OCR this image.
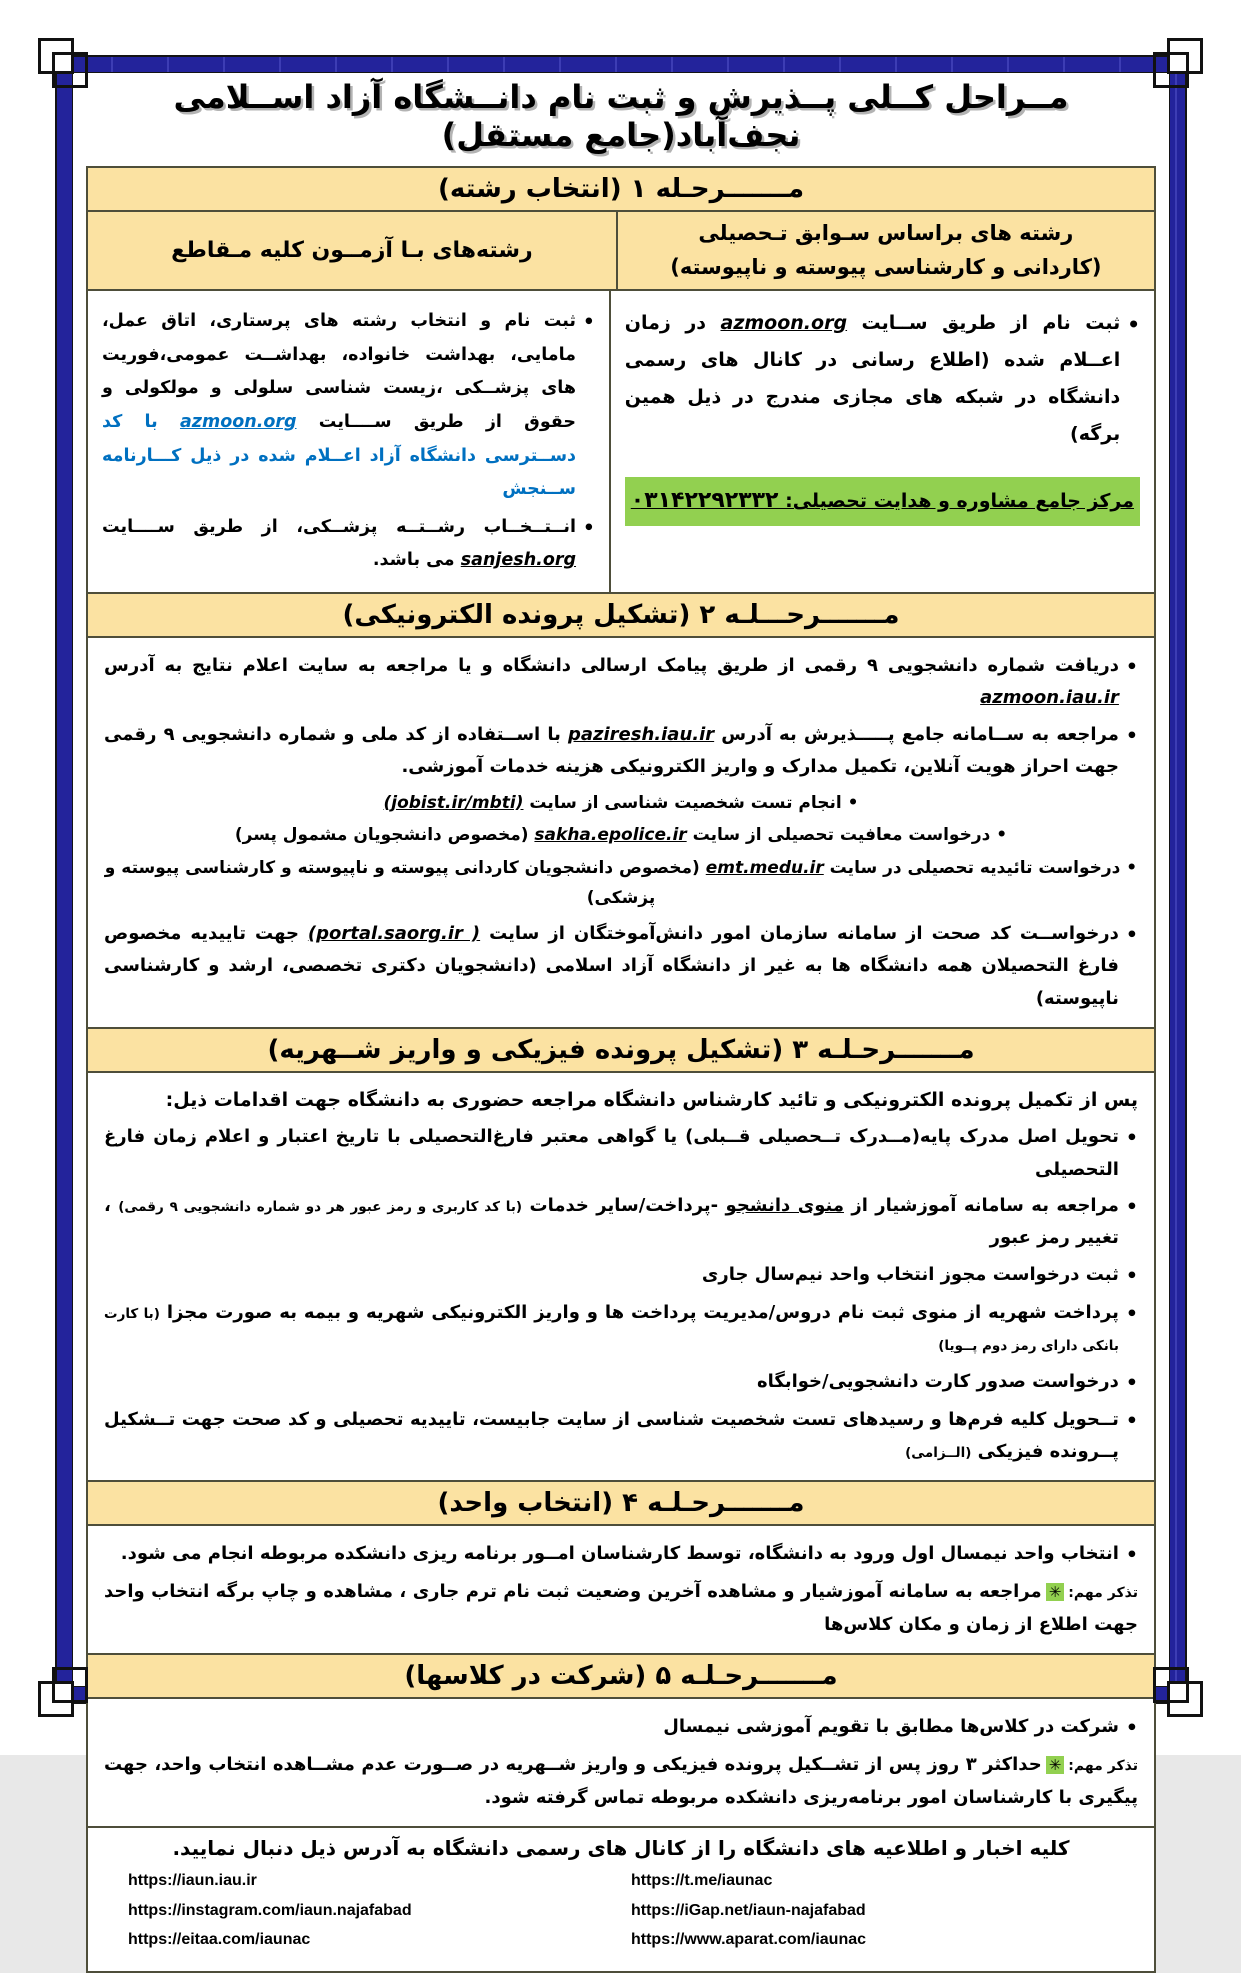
مــراحل کــلی پــذیرش و ثبت نام دانــشگاه آزاد اســلامی نجف‌آباد(جامع مستقل)
مـــــــرحـله ۱ (انتخاب رشته)
رشته های براساس سـوابق تـحصیلی
(کاردانی و کارشناسی پیوسته و ناپیوسته)
رشته‌های بـا آزمــون کلیه مـقاطع
• ثبت نام از طریق ســایت azmoon.org در زمان اعــلام شده (اطلاع رسانی در کانال های رسمی دانشگاه در شبکه های مجازی مندرج در ذیل همین برگه)
مرکز جامع مشاوره و هدایت تحصیلی: ۰۳۱۴۲۲۹۲۳۳۲
• ثبت نام و انتخاب رشته های پرستاری، اتاق عمل، مامایی، بهداشت خانواده، بهداشــت عمومی،فوریت های پزشــکی ،زیست شناسی سلولی و مولکولی و حقوق از طریق ســــایت azmoon.org با کد دســترسی دانشگاه آزاد اعــلام شده در ذیل کـــارنامه ســنجش
• انــتــخــاب رشــتــه پزشــکی، از طریق ســــایت sanjesh.org می باشد.
مـــــــرحـــلـه ۲ (تشکیل پرونده الکترونیکی)
• دریافت شماره دانشجویی ۹ رقمی از طریق پیامک ارسالی دانشگاه و یا مراجعه به سایت اعلام نتایج به آدرس azmoon.iau.ir
• مراجعه به ســامانه جامع پـــــذیرش به آدرس paziresh.iau.ir با اســتفاده از کد ملی و شماره دانشجویی ۹ رقمی جهت احراز هویت آنلاین، تکمیل مدارک و واریز الکترونیکی هزینه خدمات آموزشی.
• انجام تست شخصیت شناسی از سایت (jobist.ir/mbti)
• درخواست معافیت تحصیلی از سایت sakha.epolice.ir (مخصوص دانشجویان مشمول پسر)
• درخواست تائیدیه تحصیلی در سایت emt.medu.ir (مخصوص دانشجویان کاردانی پیوسته و ناپیوسته و کارشناسی پیوسته و پزشکی)
• درخواســت کد صحت از سامانه سازمان امور دانش‌آموختگان از سایت (portal.saorg.ir ) جهت تاییدیه مخصوص فارغ التحصیلان همه دانشگاه ها به غیر از دانشگاه آزاد اسلامی (دانشجویان دکتری تخصصی، ارشد و کارشناسی ناپیوسته)
مـــــــرحـلـه ۳ (تشکیل پرونده فیزیکی و واریز شــهریه)
پس از تکمیل پرونده الکترونیکی و تائید کارشناس دانشگاه مراجعه حضوری به دانشگاه جهت اقدامات ذیل:
• تحویل اصل مدرک پایه(مــدرک تــحصیلی قــبلی) یا گواهی معتبر فارغ‌التحصیلی با تاریخ اعتبار و اعلام زمان فارغ التحصیلی
• مراجعه به سامانه آموزشیار از منوی دانشجو -پرداخت/سایر خدمات (با کد کاربری و رمز عبور هر دو شماره دانشجویی ۹ رقمی) ، تغییر رمز عبور
• ثبت درخواست مجوز انتخاب واحد نیم‌سال جاری
• پرداخت شهریه از منوی ثبت نام دروس/مدیریت پرداخت ها و واریز الکترونیکی شهریه و بیمه به صورت مجزا (با کارت بانکی دارای رمز دوم پــویا)
• درخواست صدور کارت دانشجویی/خوابگاه
• تــحویل کلیه فرم‌ها و رسیدهای تست شخصیت شناسی از سایت جابیست، تاییدیه تحصیلی و کد صحت جهت تــشکیل پــرونده فیزیکی (الــزامی)
مـــــــرحـلـه ۴ (انتخاب واحد)
• انتخاب واحد نیمسال اول ورود به دانشگاه، توسط کارشناسان امــور برنامه ریزی دانشکده مربوطه انجام می شود.
تذکر مهم:✳مراجعه به سامانه آموزشیار و مشاهده آخرین وضعیت ثبت نام ترم جاری ، مشاهده و چاپ برگه انتخاب واحد جهت اطلاع از زمان و مکان کلاس‌ها
مـــــــرحـلـه ۵ (شرکت در کلاسها)
• شرکت در کلاس‌ها مطابق با تقویم آموزشی نیمسال
تذکر مهم:✳حداکثر ۳ روز پس از تشــکیل پرونده فیزیکی و واریز شــهریه در صــورت عدم مشــاهده انتخاب واحد، جهت پیگیری با کارشناسان امور برنامه‌ریزی دانشکده مربوطه تماس گرفته شود.
کلیه اخبار و اطلاعیه های دانشگاه را از کانال های رسمی دانشگاه به آدرس ذیل دنبال نمایید.
https://iaun.iau.ir
https://instagram.com/iaun.najafabad
https://eitaa.com/iaunac
https://t.me/iaunac
https://iGap.net/iaun-najafabad
https://www.aparat.com/iaunac
